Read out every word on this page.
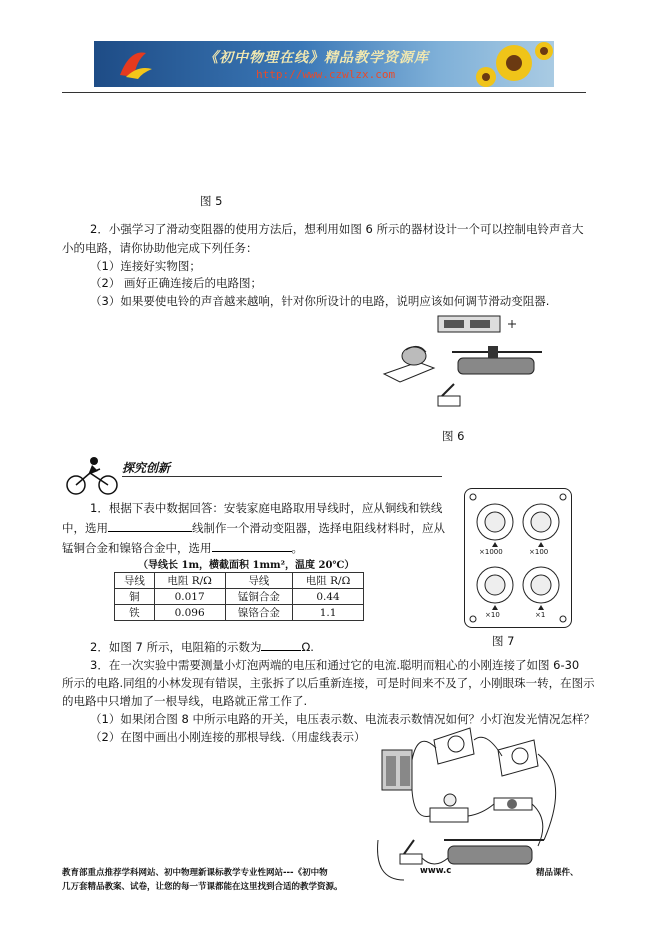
《初中物理在线》精品教学资源库
http://www.czwlzx.com
图 5
2．小强学习了滑动变阻器的使用方法后，想利用如图 6 所示的器材设计一个可以控制电铃声音大
小的电路，请你协助他完成下列任务：
（1）连接好实物图；
（2） 画好正确连接后的电路图；
（3）如果要使电铃的声音越来越响，针对你所设计的电路，说明应该如何调节滑动变阻器.
图 6
探究创新
1．根据下表中数据回答：安装家庭电路取用导线时，应从铜线和铁线
中，选用	线制作一个滑动变阻器，选择电阻线材料时，应从
锰铜合金和镍铬合金中，选用	。
（导线长 1m，横截面积 1mm²，温度 20℃）
导线	电阻 R/Ω	导线	电阻 R/Ω
铜	0.017	锰铜合金	0.44
铁	0.096	镍铬合金	1.1
×1000	×100
×10	×1
图 7
2．如图 7 所示，电阻箱的示数为	Ω.
3．在一次实验中需要测量小灯泡两端的电压和通过它的电流.聪明而粗心的小刚连接了如图 6-30
所示的电路.同组的小林发现有错误，主张拆了以后重新连接，可是时间来不及了，小刚眼珠一转，在图示
的电路中只增加了一根导线，电路就正常工作了.
（1）如果闭合图 8 中所示电路的开关，电压表示数、电流表示数情况如何？小灯泡发光情况怎样？
（2）在图中画出小刚连接的那根导线.（用虚线表示）
教育部重点推荐学科网站、初中物理新课标教学专业性网站---《初中物	www.c	精品课件、
几万套精品教案、试卷，让您的每一节课都能在这里找到合适的教学资源。
